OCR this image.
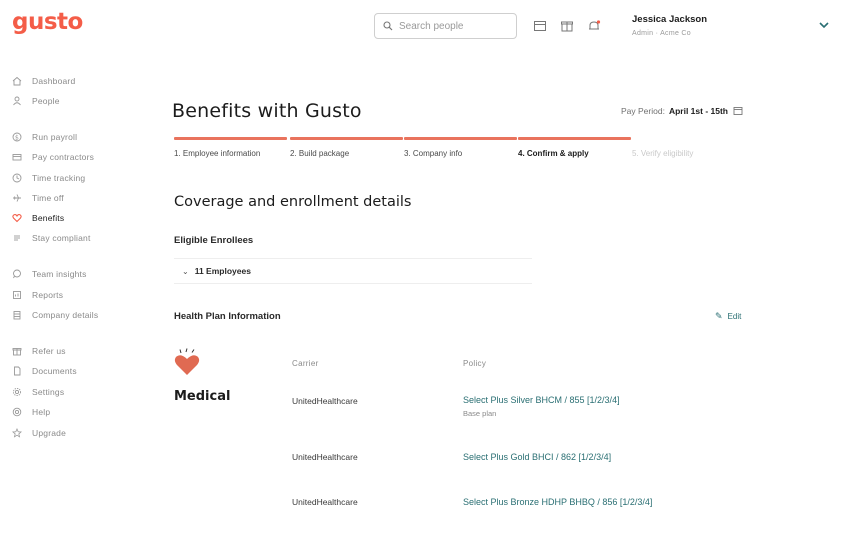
gusto
Search people	Jessica Jackson
Admin · Acme Co
Dashboard
People
$ Run payroll
Pay contractors
Time tracking
Time off
Benefits
Stay compliant
Team insights
Reports
Company details
Refer us
Documents
Settings
Help
Upgrade
Benefits with Gusto	Pay Period: April 1st - 15th
1. Employee information	2. Build package	3. Company info	4. Confirm & apply	5. Verify eligibility
Coverage and enrollment details
Eligible Enrollees
⌄ 11 Employees
Health Plan Information	✎ Edit
Medical
Carrier	Policy
UnitedHealthcare	Select Plus Silver BHCM / 855 [1/2/3/4]
Base plan
UnitedHealthcare	Select Plus Gold BHCI / 862 [1/2/3/4]
UnitedHealthcare	Select Plus Bronze HDHP BHBQ / 856 [1/2/3/4]
